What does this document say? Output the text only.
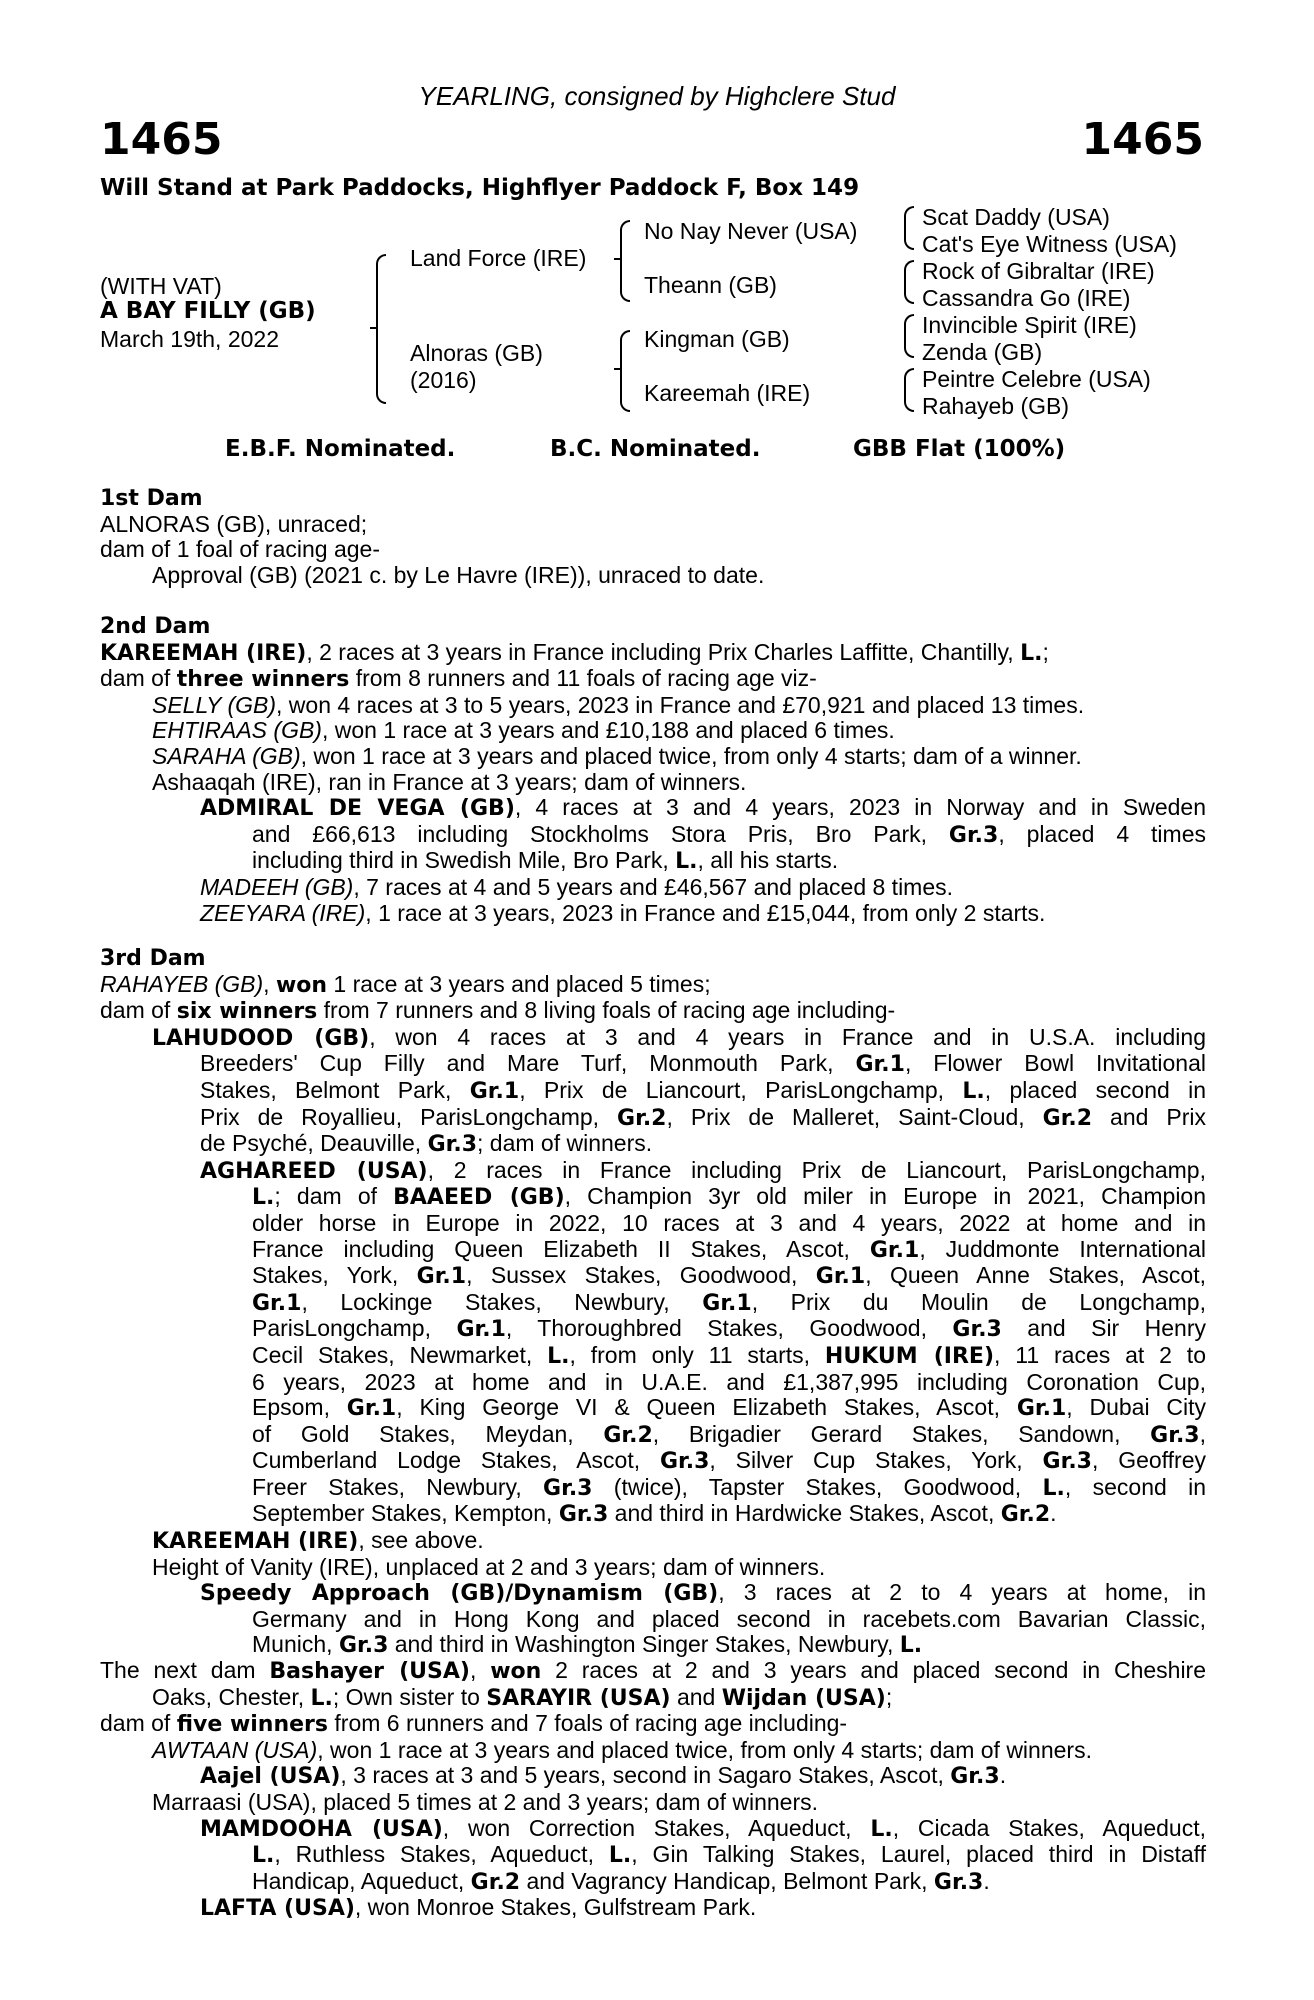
YEARLING, consigned by Highclere Stud
1465	1465
Will Stand at Park Paddocks, Highflyer Paddock F, Box 149
(WITH VAT)
A BAY FILLY (GB)
March 19th, 2022
Land Force (IRE)
Alnoras (GB)
(2016)
No Nay Never (USA)
Theann (GB)
Kingman (GB)
Kareemah (IRE)
Scat Daddy (USA)
Cat's Eye Witness (USA)
Rock of Gibraltar (IRE)
Cassandra Go (IRE)
Invincible Spirit (IRE)
Zenda (GB)
Peintre Celebre (USA)
Rahayeb (GB)
E.B.F. Nominated.	B.C. Nominated.	GBB Flat (100%)
1st Dam
ALNORAS (GB), unraced;
dam of 1 foal of racing age-
Approval (GB) (2021 c. by Le Havre (IRE)), unraced to date.
2nd Dam
KAREEMAH (IRE), 2 races at 3 years in France including Prix Charles Laffitte, Chantilly, L.;
dam of three winners from 8 runners and 11 foals of racing age viz-
SELLY (GB), won 4 races at 3 to 5 years, 2023 in France and £70,921 and placed 13 times.
EHTIRAAS (GB), won 1 race at 3 years and £10,188 and placed 6 times.
SARAHA (GB), won 1 race at 3 years and placed twice, from only 4 starts; dam of a winner.
Ashaaqah (IRE), ran in France at 3 years; dam of winners.
ADMIRAL DE VEGA (GB), 4 races at 3 and 4 years, 2023 in Norway and in Sweden
and £66,613 including Stockholms Stora Pris, Bro Park, Gr.3, placed 4 times
including third in Swedish Mile, Bro Park, L., all his starts.
MADEEH (GB), 7 races at 4 and 5 years and £46,567 and placed 8 times.
ZEEYARA (IRE), 1 race at 3 years, 2023 in France and £15,044, from only 2 starts.
3rd Dam
RAHAYEB (GB), won 1 race at 3 years and placed 5 times;
dam of six winners from 7 runners and 8 living foals of racing age including-
LAHUDOOD (GB), won 4 races at 3 and 4 years in France and in U.S.A. including
Breeders' Cup Filly and Mare Turf, Monmouth Park, Gr.1, Flower Bowl Invitational
Stakes, Belmont Park, Gr.1, Prix de Liancourt, ParisLongchamp, L., placed second in
Prix de Royallieu, ParisLongchamp, Gr.2, Prix de Malleret, Saint-Cloud, Gr.2 and Prix
de Psyché, Deauville, Gr.3; dam of winners.
AGHAREED (USA), 2 races in France including Prix de Liancourt, ParisLongchamp,
L.; dam of BAAEED (GB), Champion 3yr old miler in Europe in 2021, Champion
older horse in Europe in 2022, 10 races at 3 and 4 years, 2022 at home and in
France including Queen Elizabeth II Stakes, Ascot, Gr.1, Juddmonte International
Stakes, York, Gr.1, Sussex Stakes, Goodwood, Gr.1, Queen Anne Stakes, Ascot,
Gr.1, Lockinge Stakes, Newbury, Gr.1, Prix du Moulin de Longchamp,
ParisLongchamp, Gr.1, Thoroughbred Stakes, Goodwood, Gr.3 and Sir Henry
Cecil Stakes, Newmarket, L., from only 11 starts, HUKUM (IRE), 11 races at 2 to
6 years, 2023 at home and in U.A.E. and £1,387,995 including Coronation Cup,
Epsom, Gr.1, King George VI & Queen Elizabeth Stakes, Ascot, Gr.1, Dubai City
of Gold Stakes, Meydan, Gr.2, Brigadier Gerard Stakes, Sandown, Gr.3,
Cumberland Lodge Stakes, Ascot, Gr.3, Silver Cup Stakes, York, Gr.3, Geoffrey
Freer Stakes, Newbury, Gr.3 (twice), Tapster Stakes, Goodwood, L., second in
September Stakes, Kempton, Gr.3 and third in Hardwicke Stakes, Ascot, Gr.2.
KAREEMAH (IRE), see above.
Height of Vanity (IRE), unplaced at 2 and 3 years; dam of winners.
Speedy Approach (GB)/Dynamism (GB), 3 races at 2 to 4 years at home, in
Germany and in Hong Kong and placed second in racebets.com Bavarian Classic,
Munich, Gr.3 and third in Washington Singer Stakes, Newbury, L.
The next dam Bashayer (USA), won 2 races at 2 and 3 years and placed second in Cheshire
Oaks, Chester, L.; Own sister to SARAYIR (USA) and Wijdan (USA);
dam of five winners from 6 runners and 7 foals of racing age including-
AWTAAN (USA), won 1 race at 3 years and placed twice, from only 4 starts; dam of winners.
Aajel (USA), 3 races at 3 and 5 years, second in Sagaro Stakes, Ascot, Gr.3.
Marraasi (USA), placed 5 times at 2 and 3 years; dam of winners.
MAMDOOHA (USA), won Correction Stakes, Aqueduct, L., Cicada Stakes, Aqueduct,
L., Ruthless Stakes, Aqueduct, L., Gin Talking Stakes, Laurel, placed third in Distaff
Handicap, Aqueduct, Gr.2 and Vagrancy Handicap, Belmont Park, Gr.3.
LAFTA (USA), won Monroe Stakes, Gulfstream Park.
